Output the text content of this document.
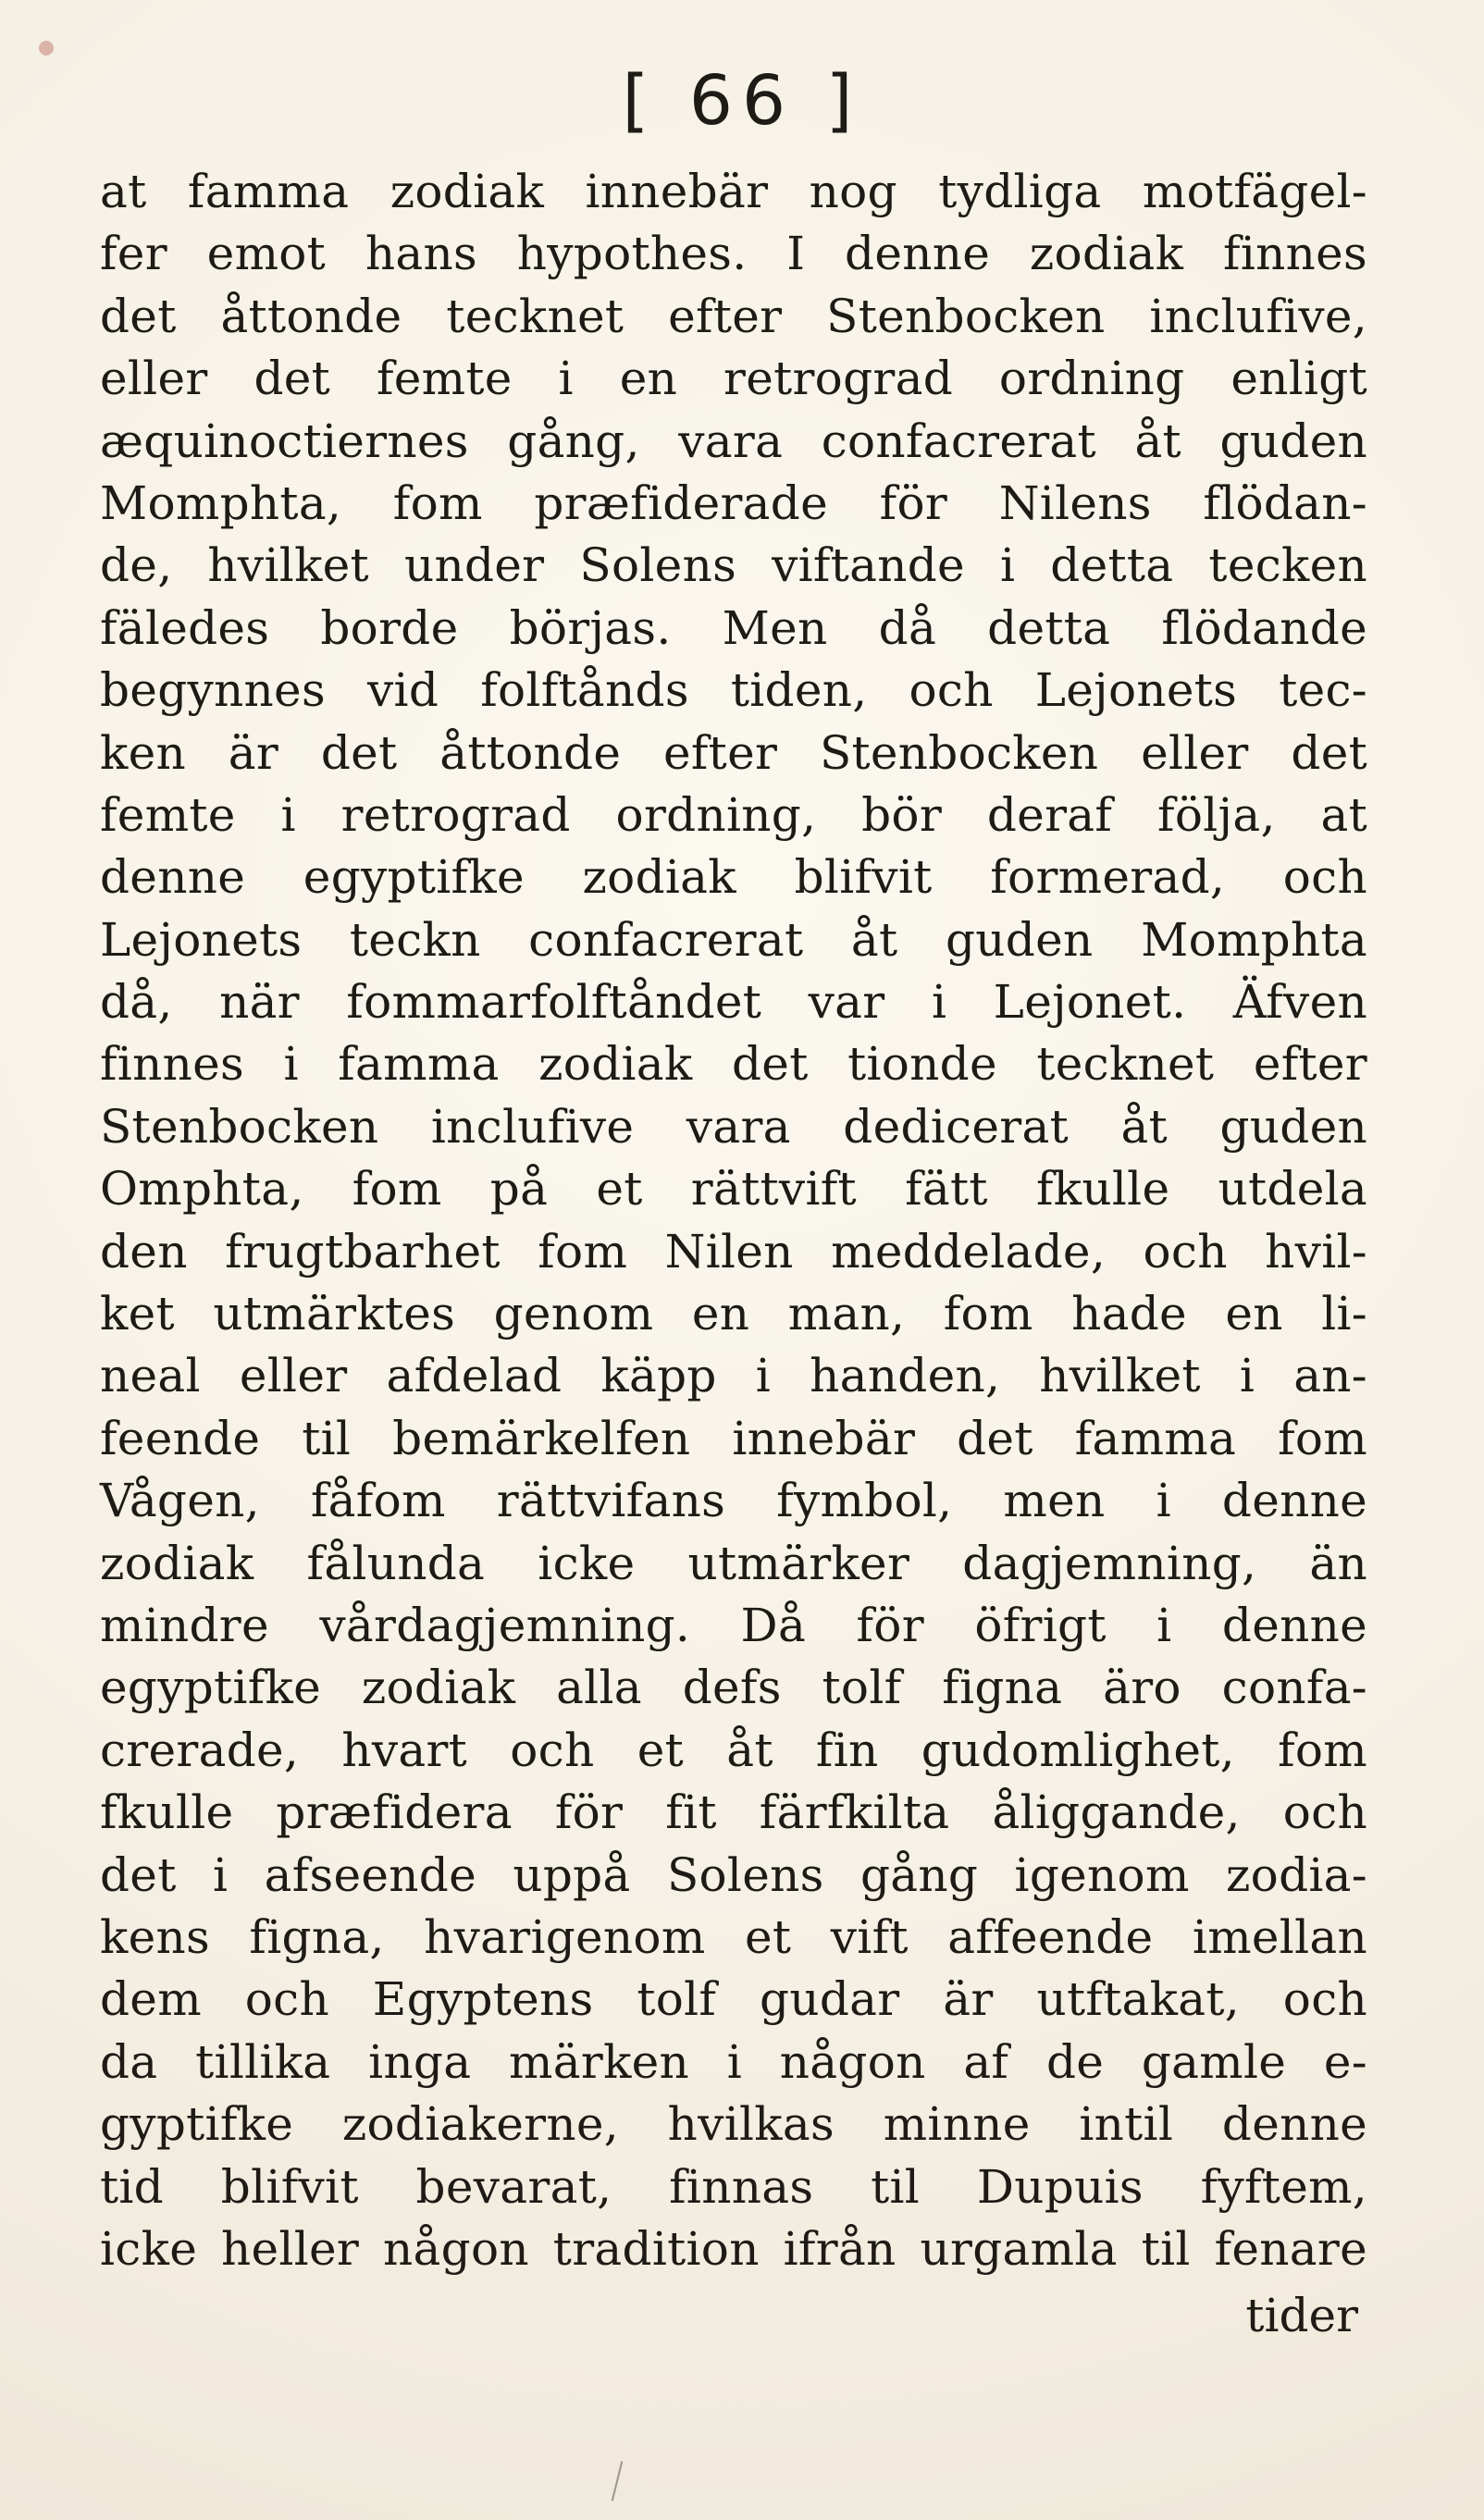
[ 66 ]
at famma zodiak innebär nog tydliga motfägel-
fer emot hans hypothes. I denne zodiak finnes
det åttonde tecknet efter Stenbocken inclufive,
eller det femte i en retrograd ordning enligt
æquinoctiernes gång, vara confacrerat åt guden
Momphta, fom præfiderade för Nilens flödan-
de, hvilket under Solens viftande i detta tecken
fäledes borde börjas. Men då detta flödande
begynnes vid folftånds tiden, och Lejonets tec-
ken är det åttonde efter Stenbocken eller det
femte i retrograd ordning, bör deraf följa, at
denne egyptifke zodiak blifvit formerad, och
Lejonets teckn confacrerat åt guden Momphta
då, när fommarfolftåndet var i Lejonet. Äfven
finnes i famma zodiak det tionde tecknet efter
Stenbocken inclufive vara dedicerat åt guden
Omphta, fom på et rättvift fätt fkulle utdela
den frugtbarhet fom Nilen meddelade, och hvil-
ket utmärktes genom en man, fom hade en li-
neal eller afdelad käpp i handen, hvilket i an-
feende til bemärkelfen innebär det famma fom
Vågen, fåfom rättvifans fymbol, men i denne
zodiak fålunda icke utmärker dagjemning, än
mindre vårdagjemning. Då för öfrigt i denne
egyptifke zodiak alla defs tolf figna äro confa-
crerade, hvart och et åt fin gudomlighet, fom
fkulle præfidera för fit färfkilta åliggande, och
det i afseende uppå Solens gång igenom zodia-
kens figna, hvarigenom et vift affeende imellan
dem och Egyptens tolf gudar är utftakat, och
da tillika inga märken i någon af de gamle e-
gyptifke zodiakerne, hvilkas minne intil denne
tid blifvit bevarat, finnas til Dupuis fyftem,
icke heller någon tradition ifrån urgamla til fenare
tider
